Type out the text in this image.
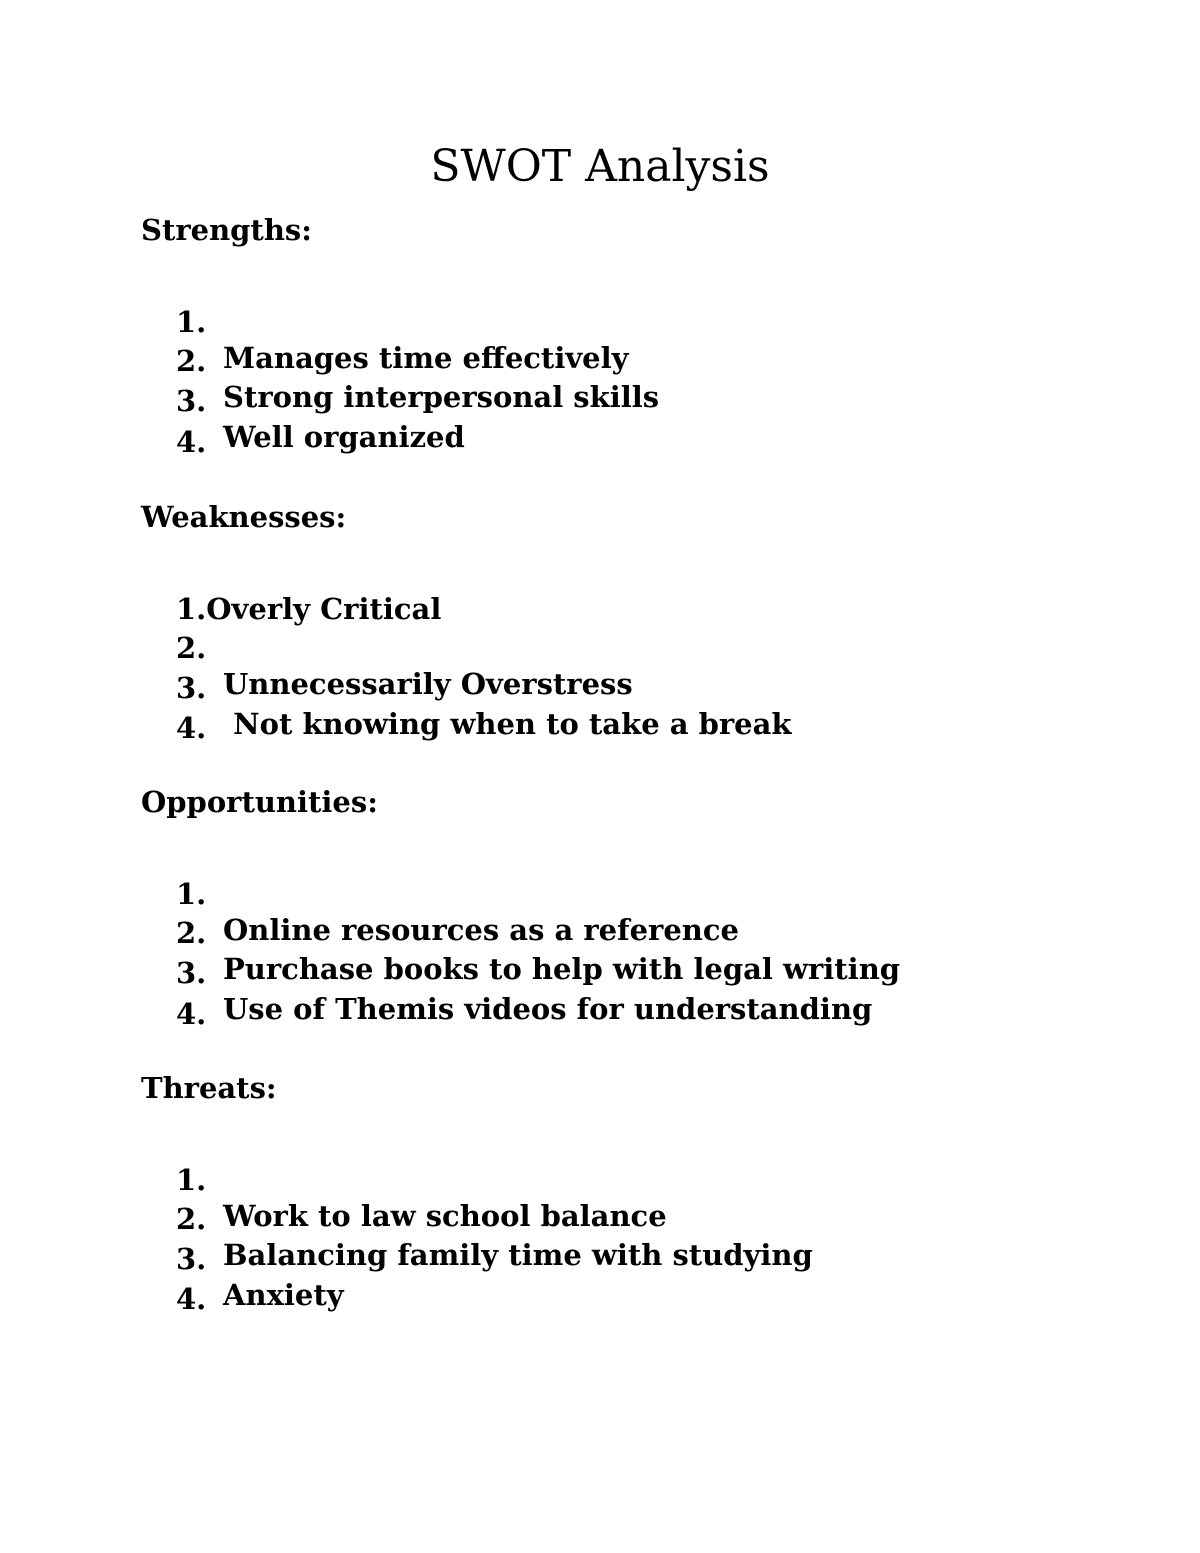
SWOT Analysis
Strengths:

1.

Manages time effectively

2.

Strong interpersonal skills

3.

Well organized

4.

Weaknesses:

1.Overly Critical

2.

Unnecessarily Overstress

3.

Not knowing when to take a break

4.

Opportunities:

1.

Online resources as a reference

2.

Purchase books to help with legal writing

3.

Use of Themis videos for understanding

4.

Threats:

1.

Work to law school balance

2.

Balancing family time with studying

3.

Anxiety

4.
